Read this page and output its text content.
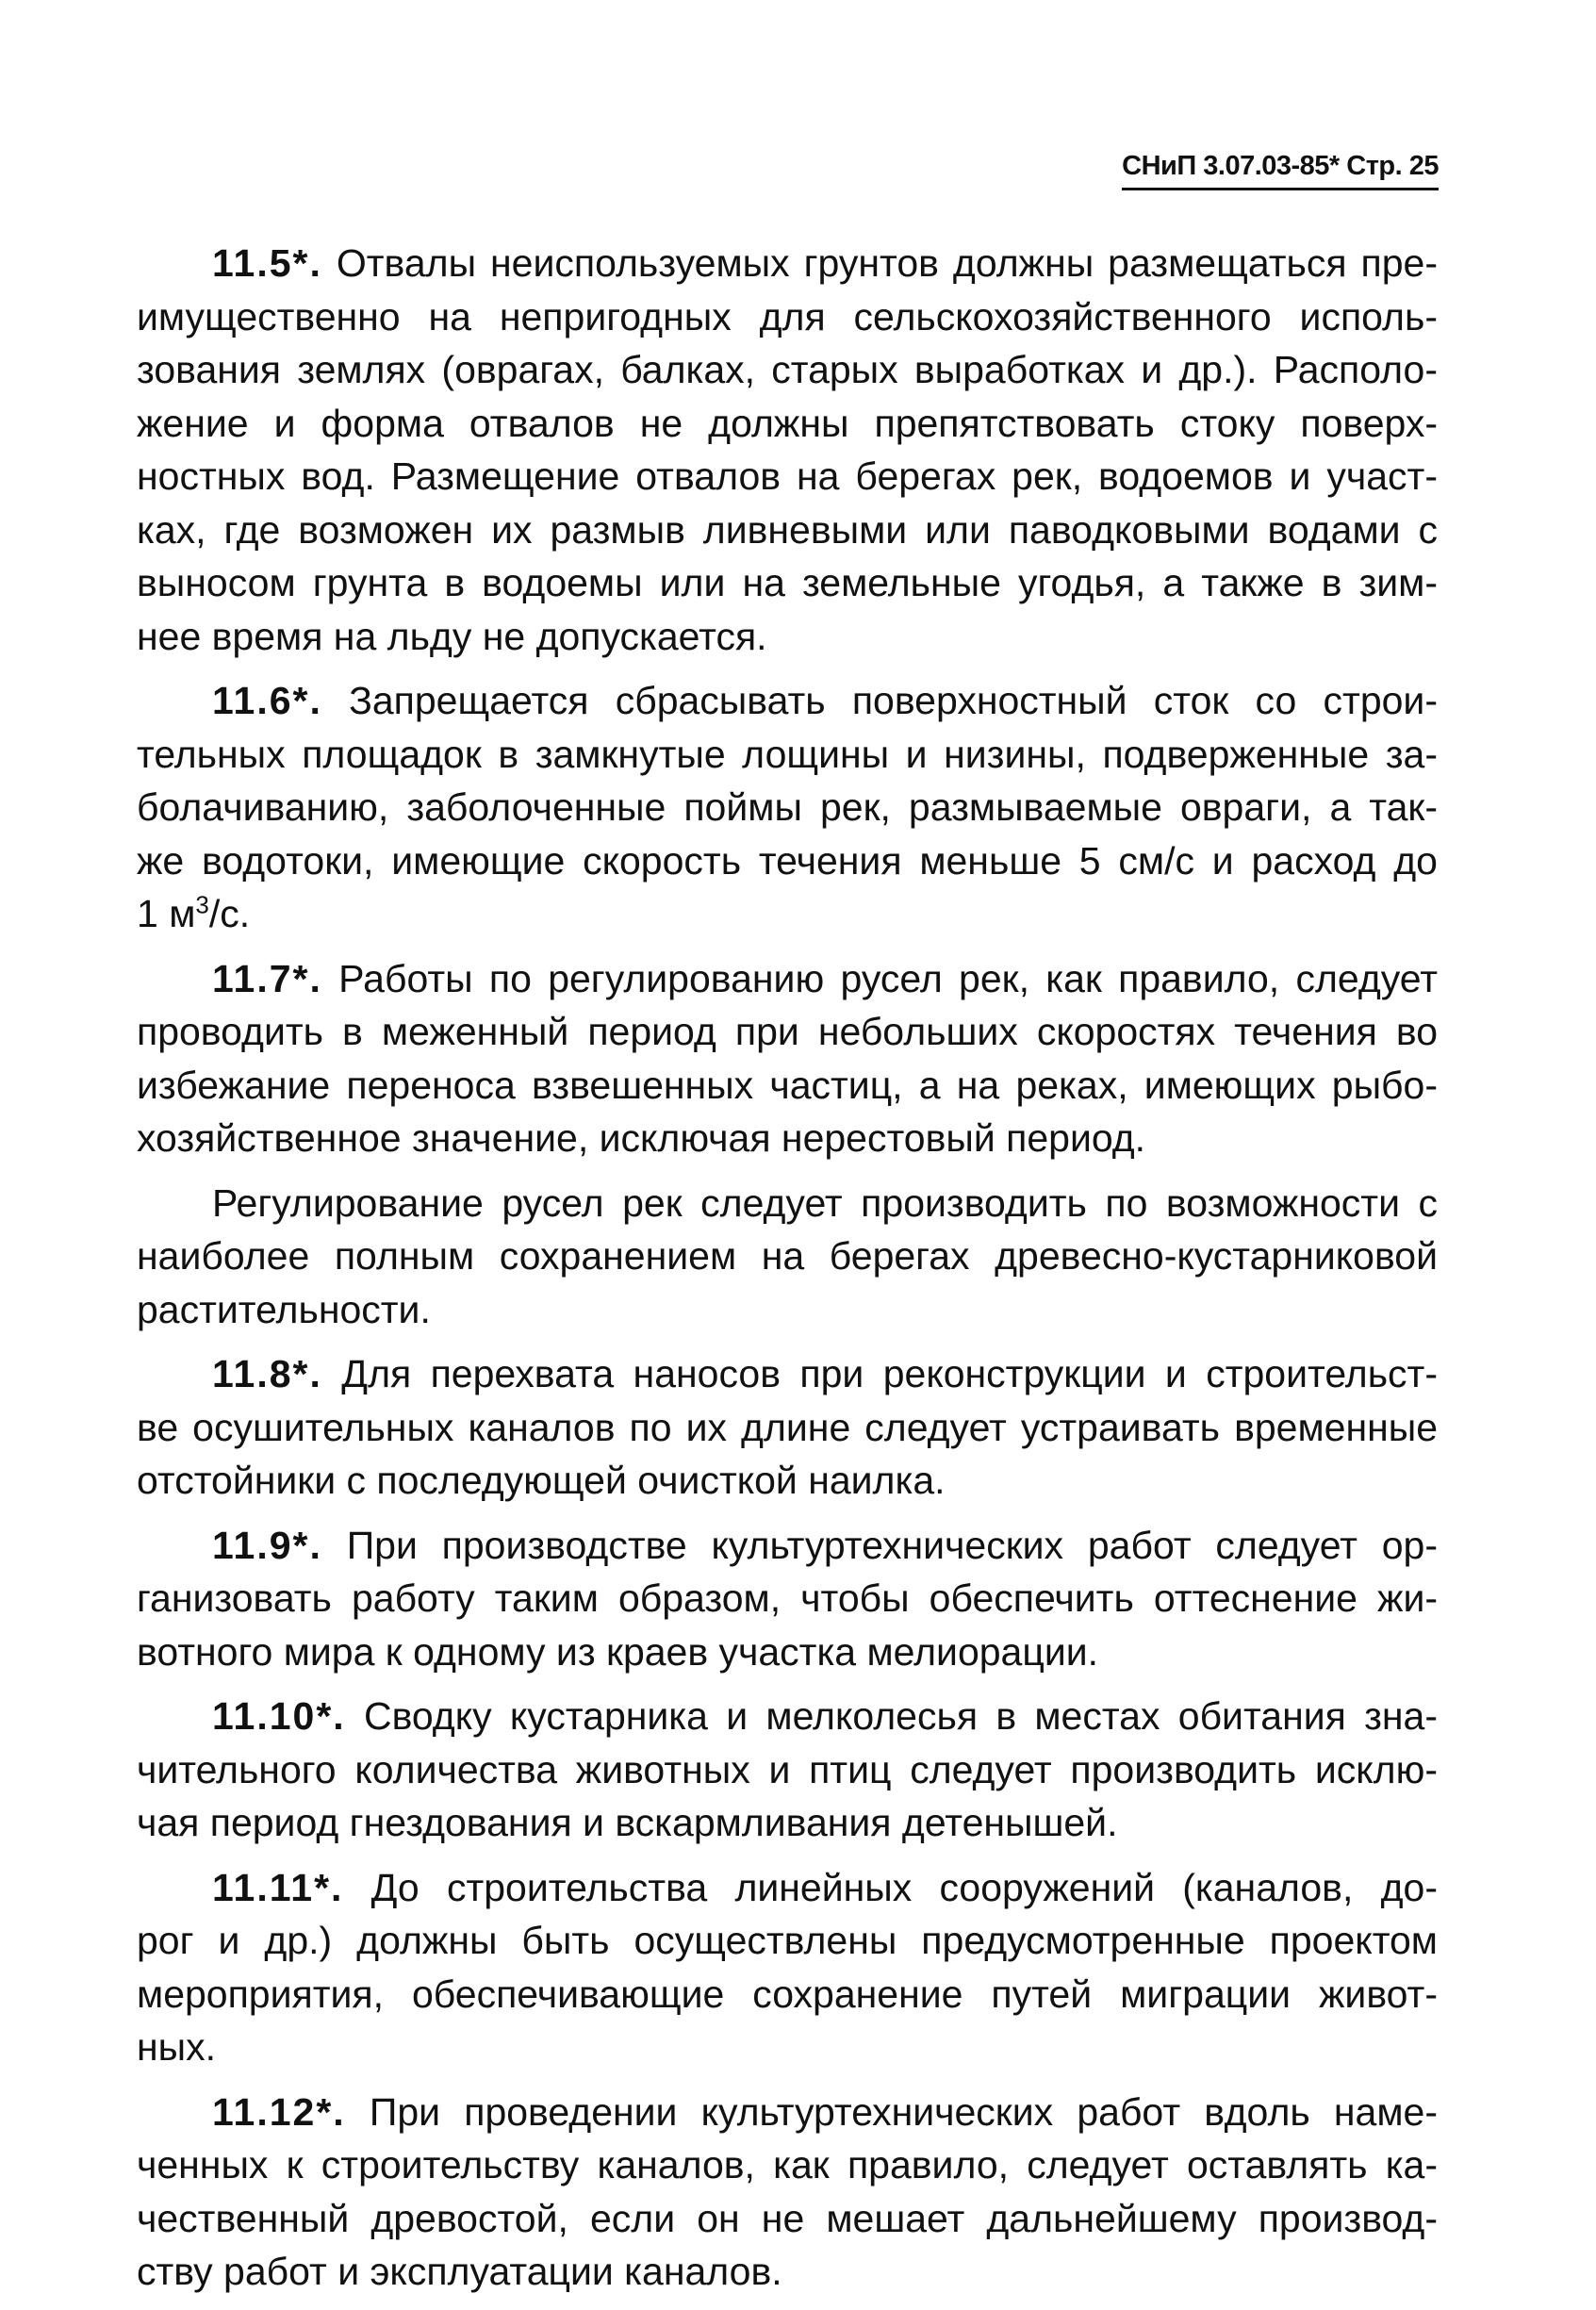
СНиП 3.07.03-85* Стр. 25

11.5*. Отвалы неиспользуемых грунтов должны размещаться пре-
имущественно на непригодных для сельскохозяйственного исполь-
зования землях (оврагах, балках, старых выработках и др.). Располо-
жение и форма отвалов не должны препятствовать стоку поверх-
ностных вод. Размещение отвалов на берегах рек, водоемов и участ-
ках, где возможен их размыв ливневыми или паводковыми водами с
выносом грунта в водоемы или на земельные угодья, а также в зим-
нее время на льду не допускается.

11.6*. Запрещается сбрасывать поверхностный сток со строи-
тельных площадок в замкнутые лощины и низины, подверженные за-
болачиванию, заболоченные поймы рек, размываемые овраги, а так-
же водотоки, имеющие скорость течения меньше 5 см/с и расход до
1 $м^3/с$.

11.7*. Работы по регулированию русел рек, как правило, следует
проводить в меженный период при небольших скоростях течения во
избежание переноса взвешенных частиц, а на реках, имеющих рыбо-
хозяйственное значение, исключая нерестовый период.

Регулирование русел рек следует производить по возможности с
наиболее полным сохранением на берегах древесно-кустарниковой
растительности.

11.8*. Для перехвата наносов при реконструкции и строительст-
ве осушительных каналов по их длине следует устраивать временные
отстойники с последующей очисткой наилка.

11.9*. При производстве культуртехнических работ следует ор-
ганизовать работу таким образом, чтобы обеспечить оттеснение жи-
вотного мира к одному из краев участка мелиорации.

11.10*. Сводку кустарника и мелколесья в местах обитания зна-
чительного количества животных и птиц следует производить исклю-
чая период гнездования и вскармливания детенышей.

11.11*. До строительства линейных сооружений (каналов, до-
рог и др.) должны быть осуществлены предусмотренные проектом
мероприятия, обеспечивающие сохранение путей миграции живот-
ных.

11.12*. При проведении культуртехнических работ вдоль наме-
ченных к строительству каналов, как правило, следует оставлять ка-
чественный древостой, если он не мешает дальнейшему производ-
ству работ и эксплуатации каналов.
